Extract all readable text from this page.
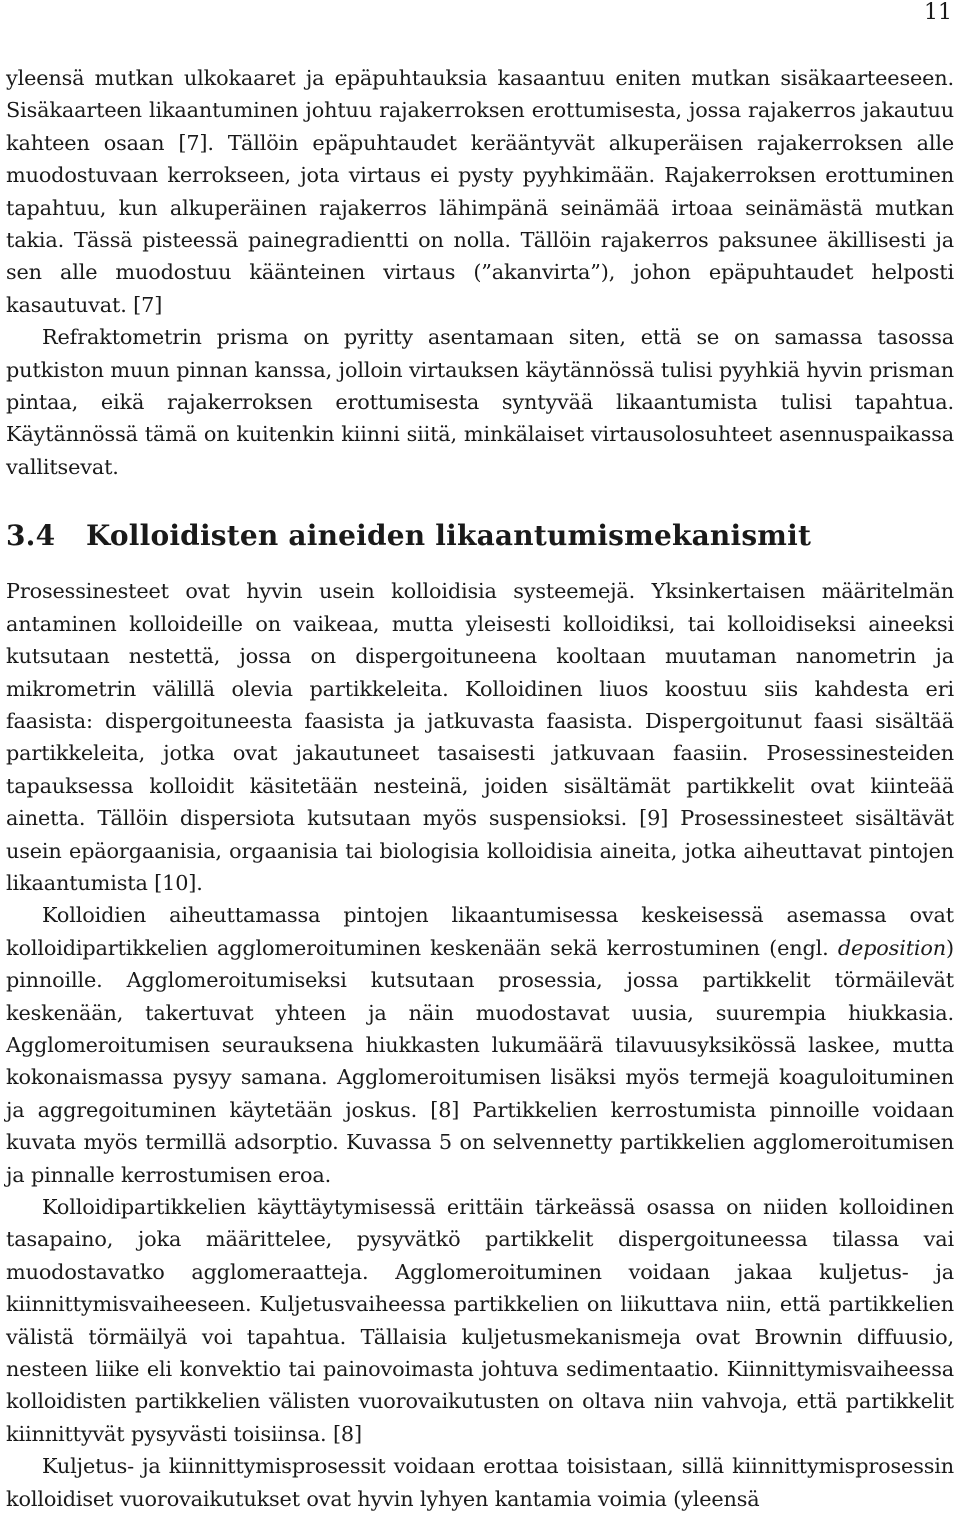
11

yleensä mutkan ulkokaaret ja epäpuhtauksia kasaantuu eniten mutkan sisäkaarteeseen. Sisäkaarteen likaantuminen johtuu rajakerroksen erottumisesta, jossa rajakerros jakautuu kahteen osaan [7]. Tällöin epäpuhtaudet kerääntyvät alkuperäisen rajakerroksen alle muodostuvaan kerrokseen, jota virtaus ei pysty pyyhkimään. Rajakerroksen erottuminen tapahtuu, kun alkuperäinen rajakerros lähimpänä seinämää irtoaa seinämästä mutkan takia. Tässä pisteessä painegradientti on nolla. Tällöin rajakerros paksunee äkillisesti ja sen alle muodostuu käänteinen virtaus (”akanvirta”), johon epäpuhtaudet helposti kasautuvat. [7]

Refraktometrin prisma on pyritty asentamaan siten, että se on samassa tasossa putkiston muun pinnan kanssa, jolloin virtauksen käytännössä tulisi pyyhkiä hyvin prisman pintaa, eikä rajakerroksen erottumisesta syntyvää likaantumista tulisi tapahtua. Käytännössä tämä on kuitenkin kiinni siitä, minkälaiset virtausolosuhteet asennuspaikassa vallitsevat.

3.4 Kolloidisten aineiden likaantumismekanismit

Prosessinesteet ovat hyvin usein kolloidisia systeemejä. Yksinkertaisen määritelmän antaminen kolloideille on vaikeaa, mutta yleisesti kolloidiksi, tai kolloidiseksi aineeksi kutsutaan nestettä, jossa on dispergoituneena kooltaan muutaman nanometrin ja mikrometrin välillä olevia partikkeleita. Kolloidinen liuos koostuu siis kahdesta eri faasista: dispergoituneesta faasista ja jatkuvasta faasista. Dispergoitunut faasi sisältää partikkeleita, jotka ovat jakautuneet tasaisesti jatkuvaan faasiin. Prosessinesteiden tapauksessa kolloidit käsitetään nesteinä, joiden sisältämät partikkelit ovat kiinteää ainetta. Tällöin dispersiota kutsutaan myös suspensioksi. [9] Prosessinesteet sisältävät usein epäorgaanisia, orgaanisia tai biologisia kolloidisia aineita, jotka aiheuttavat pintojen likaantumista [10].

Kolloidien aiheuttamassa pintojen likaantumisessa keskeisessä asemassa ovat kolloidipartikkelien agglomeroituminen keskenään sekä kerrostuminen (engl. deposition) pinnoille. Agglomeroitumiseksi kutsutaan prosessia, jossa partikkelit törmäilevät keskenään, takertuvat yhteen ja näin muodostavat uusia, suurempia hiukkasia. Agglomeroitumisen seurauksena hiukkasten lukumäärä tilavuusyksikössä laskee, mutta kokonaismassa pysyy samana. Agglomeroitumisen lisäksi myös termejä koaguloituminen ja aggregoituminen käytetään joskus. [8] Partikkelien kerrostumista pinnoille voidaan kuvata myös termillä adsorptio. Kuvassa 5 on selvennetty partikkelien agglomeroitumisen ja pinnalle kerrostumisen eroa.

Kolloidipartikkelien käyttäytymisessä erittäin tärkeässä osassa on niiden kolloidinen tasapaino, joka määrittelee, pysyvätkö partikkelit dispergoituneessa tilassa vai muodostavatko agglomeraatteja. Agglomeroituminen voidaan jakaa kuljetus- ja kiinnittymisvaiheeseen. Kuljetusvaiheessa partikkelien on liikuttava niin, että partikkelien välistä törmäilyä voi tapahtua. Tällaisia kuljetusmekanismeja ovat Brownin diffuusio, nesteen liike eli konvektio tai painovoimasta johtuva sedimentaatio. Kiinnittymisvaiheessa kolloidisten partikkelien välisten vuorovaikutusten on oltava niin vahvoja, että partikkelit kiinnittyvät pysyvästi toisiinsa. [8]

Kuljetus- ja kiinnittymisprosessit voidaan erottaa toisistaan, sillä kiinnittymisprosessin kolloidiset vuorovaikutukset ovat hyvin lyhyen kantamia voimia (yleensä
